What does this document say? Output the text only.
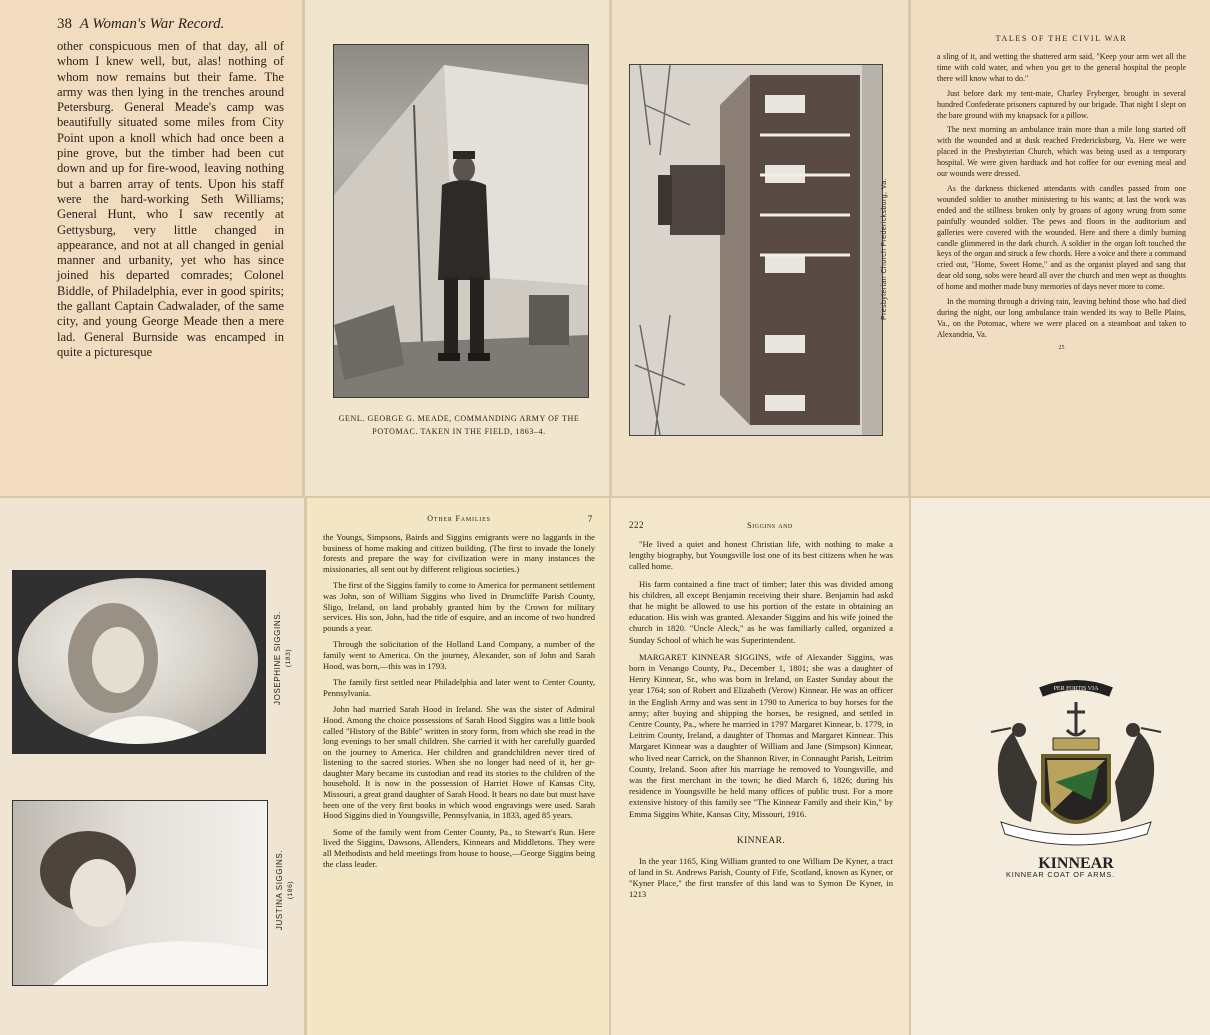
38 A Woman's War Record.
other conspicuous men of that day, all of whom I knew well, but, alas! nothing of whom now remains but their fame. The army was then lying in the trenches around Petersburg. General Meade's camp was beautifully situated some miles from City Point upon a knoll which had once been a pine grove, but the timber had been cut down and up for fire-wood, leaving nothing but a barren array of tents. Upon his staff were the hard-working Seth Williams; General Hunt, who I saw recently at Gettysburg, very little changed in appearance, and not at all changed in genial manner and urbanity, yet who has since joined his departed comrades; Colonel Biddle, of Philadelphia, ever in good spirits; the gallant Captain Cadwalader, of the same city, and young George Meade then a mere lad. General Burnside was encamped in quite a picturesque
GENL. GEORGE G. MEADE, COMMANDING ARMY OF THE
POTOMAC. TAKEN IN THE FIELD, 1863–4.
Presbyterian Church Fredericksburg, Va.
TALES OF THE CIVIL WAR

a sling of it, and wetting the shattered arm said, "Keep your arm wet all the time with cold water, and when you get to the general hospital the people there will know what to do."

Just before dark my tent-mate, Charley Fryberger, brought in several hundred Confederate prisoners captured by our brigade. That night I slept on the bare ground with my knapsack for a pillow.

The next morning an ambulance train more than a mile long started off with the wounded and at dusk reached Fredericksburg, Va. Here we were placed in the Presbyterian Church, which was being used as a temporary hospital. We were given hardtack and hot coffee for our evening meal and our wounds were dressed.

As the darkness thickened attendants with candles passed from one wounded soldier to another ministering to his wants; at last the work was ended and the stillness broken only by groans of agony wrung from some painfully wounded soldier. The pews and floors in the auditorium and galleries were covered with the wounded. Here and there a dimly burning candle glimmered in the dark church. A soldier in the organ loft touched the keys of the organ and struck a few chords. Here a voice and there a command cried out, "Home, Sweet Home," and as the organist played and sang that dear old song, sobs were heard all over the church and men wept as thoughts of home and mother made busy memories of days never more to come.

In the morning through a driving rain, leaving behind those who had died during the night, our long ambulance train wended its way to Belle Plains, Va., on the Potomac, where we were placed on a steamboat and taken to Alexandria, Va.

25
JOSEPHINE SIGGINS. (183)
JUSTINA SIGGINS. (186)
Other Families	7

the Youngs, Simpsons, Bairds and Siggins emigrants were no laggards in the business of home making and citizen building. (The first to invade the lonely forests and prepare the way for civilization were in many instances the missionaries, all sent out by different religious societies.)

The first of the Siggins family to come to America for permanent settlement was John, son of William Siggins who lived in Drumcliffe Parish County, Sligo, Ireland, on land probably granted him by the Crown for military services. His son, John, had the title of esquire, and an income of two hundred pounds a year.

Through the solicitation of the Holland Land Company, a number of the family went to America. On the journey, Alexander, son of John and Sarah Hood, was born,—this was in 1793.

The family first settled near Philadelphia and later went to Center County, Pennsylvania.

John had married Sarah Hood in Ireland. She was the sister of Admiral Hood. Among the choice possessions of Sarah Hood Siggins was a little book called "History of the Bible" written in story form, from which she read in the long evenings to her small children. She carried it with her carefully guarded on the journey to America. Her children and grandchildren never tired of listening to the sacred stories. When she no longer had need of it, her gr-daughter Mary became its custodian and read its stories to the children of the household. It is now in the possession of Harriet Howe of Kansas City, Missouri, a great grand daughter of Sarah Hood. It bears no date but must have been one of the very first books in which wood engravings were used. Sarah Hood Siggins died in Youngsville, Pennsylvania, in 1833, aged 85 years.

Some of the family went from Center County, Pa., to Stewart's Run. Here lived the Siggins, Dawsons, Allenders, Kinnears and Middletons. They were all Methodists and held meetings from house to house,—George Siggins being the class leader.

222	Siggins and

"He lived a quiet and honest Christian life, with nothing to make a lengthy biography, but Youngsville lost one of its best citizens when he was called home.

His farm contained a fine tract of timber; later this was divided among his children, all except Benjamin receiving their share. Benjamin had askd that he might be allowed to use his portion of the estate in obtaining an education. His wish was granted. Alexander Siggins and his wife joined the church in 1820. "Uncle Aleck," as he was familiarly called, organized a Sunday School of which he was Superintendent.

MARGARET KINNEAR SIGGINS, wife of Alexander Siggins, was born in Venango County, Pa., December 1, 1801; she was a daughter of Henry Kinnear, Sr., who was born in Ireland, on Easter Sunday about the year 1764; son of Robert and Elizabeth (Verow) Kinnear. He was an officer in the English Army and was sent in 1790 to America to buy horses for the army; after buying and shipping the horses, he resigned, and settled in Centre County, Pa., where he married in 1797 Margaret Kinnear, b. 1779, in Leitrim County, Ireland, a daughter of Thomas and Margaret Kinnear. This Margaret Kinnear was a daughter of William and Jane (Simpson) Kinnear, who lived near Carrick, on the Shannon River, in Connaught Parish, Leitrim County, Ireland. Soon after his marriage he removed to Youngsville, and was the first merchant in the town; he died March 6, 1826; during his residence in Youngsville he held many offices of public trust. For a more extensive history of this family see "The Kinnear Family and their Kin," by Emma Siggins White, Kansas City, Missouri, 1916.

KINNEAR.

In the year 1165, King William granted to one William De Kyner, a tract of land in St. Andrews Parish, County of Fife, Scotland, known as Kyner, or "Kyner Place," the first transfer of this land was to Symon De Kyner, in 1213

PER FORTIS VIA
KINNEAR
KINNEAR COAT OF ARMS.
